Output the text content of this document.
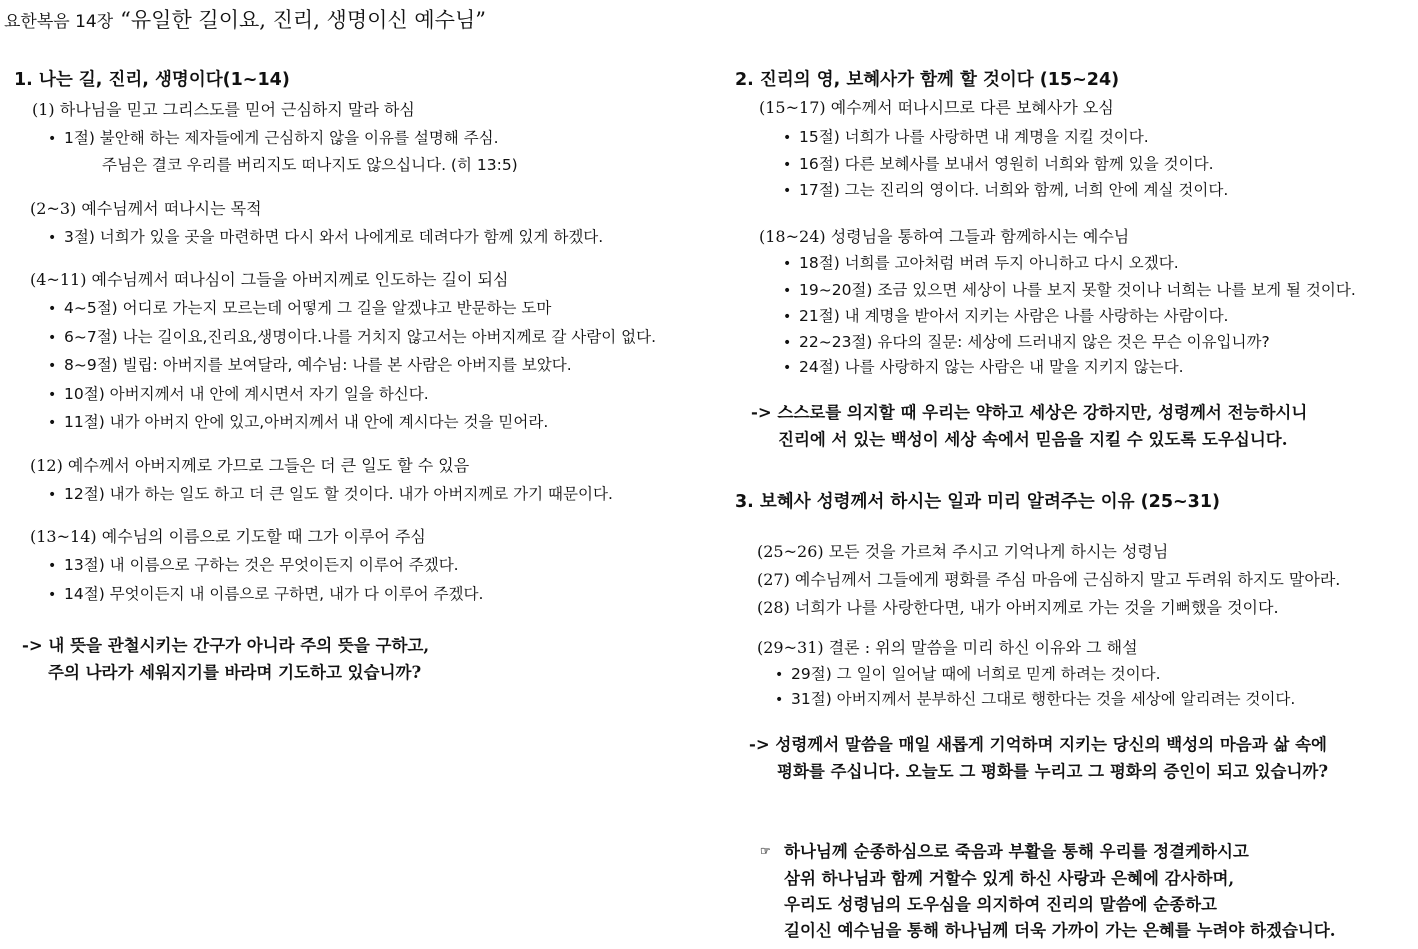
요한복음 14장 “유일한 길이요, 진리, 생명이신 예수님”
1. 나는 길, 진리, 생명이다(1~14)
(1) 하나님을 믿고 그리스도를 믿어 근심하지 말라 하심
• 1절) 불안해 하는 제자들에게 근심하지 않을 이유를 설명해 주심.
주님은 결코 우리를 버리지도 떠나지도 않으십니다. (히 13:5)
(2~3) 예수님께서 떠나시는 목적
• 3절) 너희가 있을 곳을 마련하면 다시 와서 나에게로 데려다가 함께 있게 하겠다.
(4~11) 예수님께서 떠나심이 그들을 아버지께로 인도하는 길이 되심
• 4~5절) 어디로 가는지 모르는데 어떻게 그 길을 알겠냐고 반문하는 도마
• 6~7절) 나는 길이요,진리요,생명이다.나를 거치지 않고서는 아버지께로 갈 사람이 없다.
• 8~9절) 빌립: 아버지를 보여달라, 예수님: 나를 본 사람은 아버지를 보았다.
• 10절) 아버지께서 내 안에 계시면서 자기 일을 하신다.
• 11절) 내가 아버지 안에 있고,아버지께서 내 안에 계시다는 것을 믿어라.
(12) 예수께서 아버지께로 가므로 그들은 더 큰 일도 할 수 있음
• 12절) 내가 하는 일도 하고 더 큰 일도 할 것이다. 내가 아버지께로 가기 때문이다.
(13~14) 예수님의 이름으로 기도할 때 그가 이루어 주심
• 13절) 내 이름으로 구하는 것은 무엇이든지 이루어 주겠다.
• 14절) 무엇이든지 내 이름으로 구하면, 내가 다 이루어 주겠다.
-> 내 뜻을 관철시키는 간구가 아니라 주의 뜻을 구하고,
주의 나라가 세워지기를 바라며 기도하고 있습니까?
2. 진리의 영, 보혜사가 함께 할 것이다 (15~24)
(15~17) 예수께서 떠나시므로 다른 보혜사가 오심
• 15절) 너희가 나를 사랑하면 내 계명을 지킬 것이다.
• 16절) 다른 보혜사를 보내서 영원히 너희와 함께 있을 것이다.
• 17절) 그는 진리의 영이다. 너희와 함께, 너희 안에 계실 것이다.
(18~24) 성령님을 통하여 그들과 함께하시는 예수님
• 18절) 너희를 고아처럼 버려 두지 아니하고 다시 오겠다.
• 19~20절) 조금 있으면 세상이 나를 보지 못할 것이나 너희는 나를 보게 될 것이다.
• 21절) 내 계명을 받아서 지키는 사람은 나를 사랑하는 사람이다.
• 22~23절) 유다의 질문: 세상에 드러내지 않은 것은 무슨 이유입니까?
• 24절) 나를 사랑하지 않는 사람은 내 말을 지키지 않는다.
-> 스스로를 의지할 때 우리는 약하고 세상은 강하지만, 성령께서 전능하시니
진리에 서 있는 백성이 세상 속에서 믿음을 지킬 수 있도록 도우십니다.
3. 보혜사 성령께서 하시는 일과 미리 알려주는 이유 (25~31)
(25~26) 모든 것을 가르쳐 주시고 기억나게 하시는 성령님
(27) 예수님께서 그들에게 평화를 주심 마음에 근심하지 말고 두려워 하지도 말아라.
(28) 너희가 나를 사랑한다면, 내가 아버지께로 가는 것을 기뻐했을 것이다.
(29~31) 결론 : 위의 말씀을 미리 하신 이유와 그 해설
• 29절) 그 일이 일어날 때에 너희로 믿게 하려는 것이다.
• 31절) 아버지께서 분부하신 그대로 행한다는 것을 세상에 알리려는 것이다.
-> 성령께서 말씀을 매일 새롭게 기억하며 지키는 당신의 백성의 마음과 삶 속에
평화를 주십니다. 오늘도 그 평화를 누리고 그 평화의 증인이 되고 있습니까?
☞ 하나님께 순종하심으로 죽음과 부활을 통해 우리를 정결케하시고
삼위 하나님과 함께 거할수 있게 하신 사랑과 은혜에 감사하며,
우리도 성령님의 도우심을 의지하여 진리의 말씀에 순종하고
길이신 예수님을 통해 하나님께 더욱 가까이 가는 은혜를 누려야 하겠습니다.
